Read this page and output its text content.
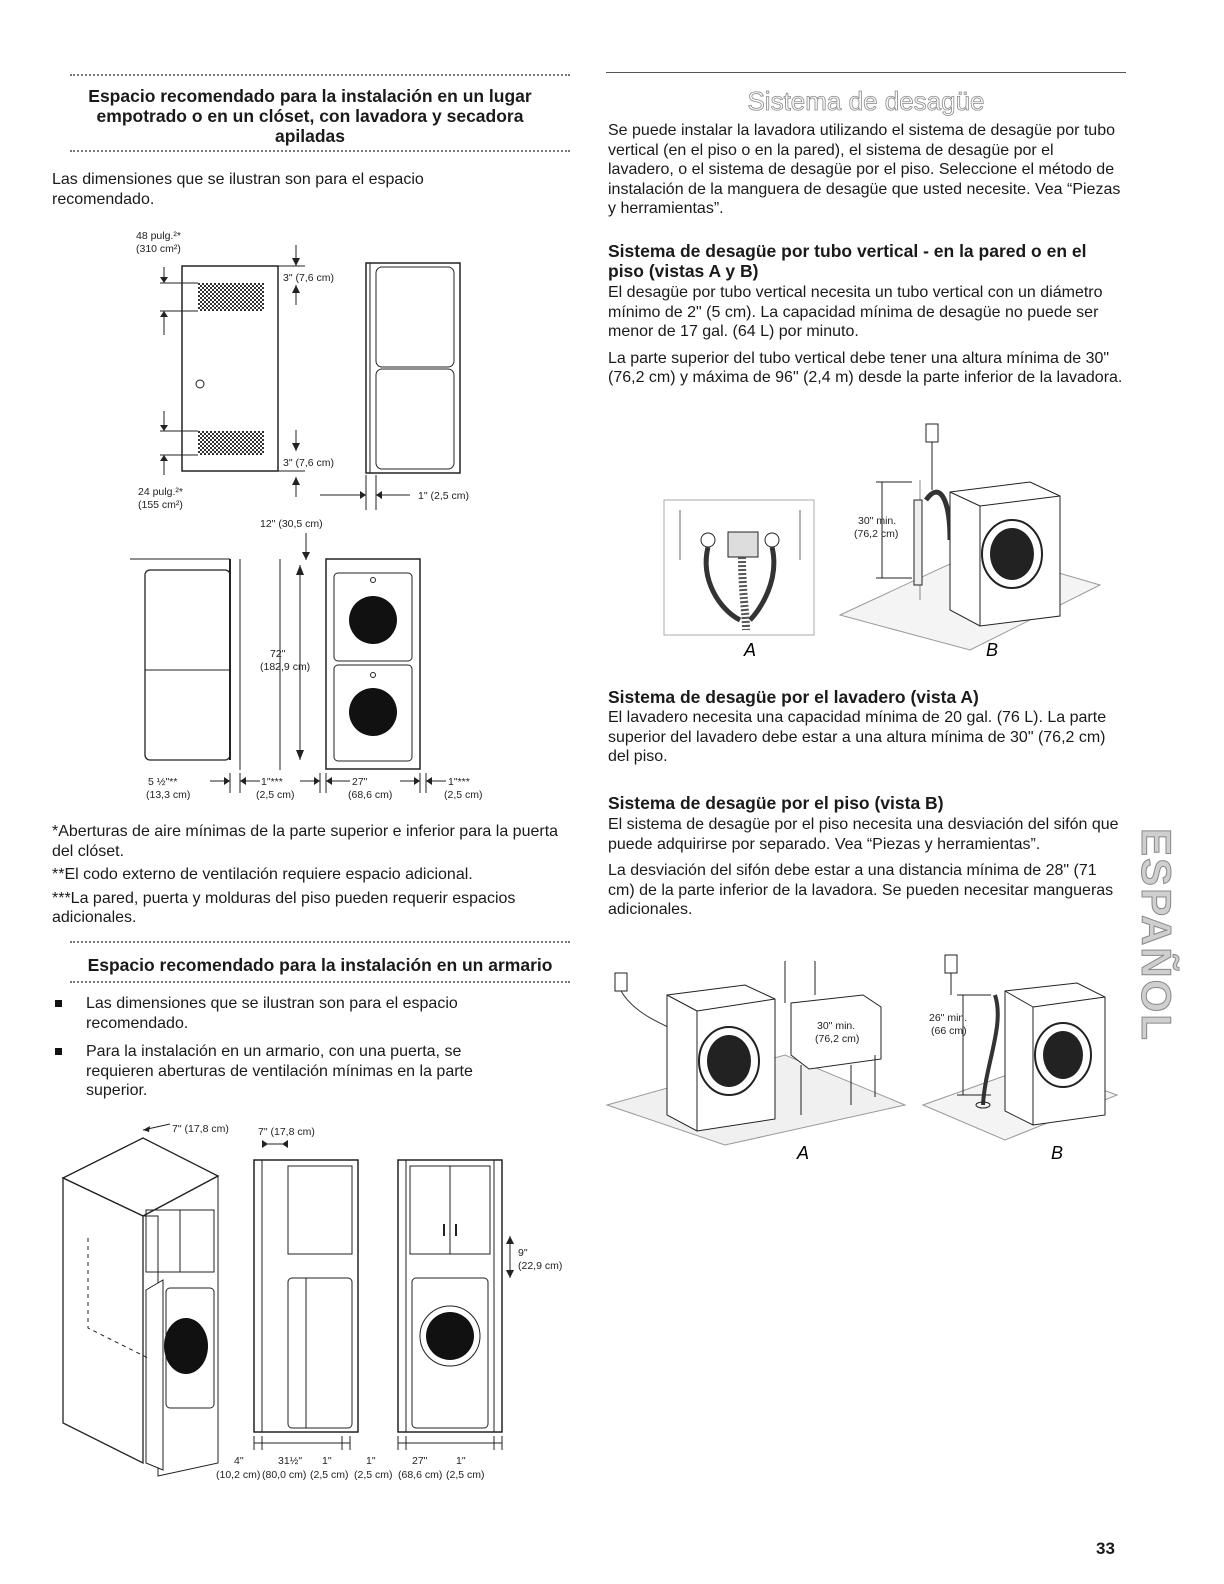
Espacio recomendado para la instalación en un lugar empotrado o en un clóset, con lavadora y secadora apiladas

Las dimensiones que se ilustran son para el espacio recomendado.

48 pulg.²*
(310 cm²)
24 pulg.²*
(155 cm²)
3" (7,6 cm)
3" (7,6 cm)
1" (2,5 cm)
12" (30,5 cm)
72"
(182,9 cm)
5 ½"**
(13,3 cm)
1"***
(2,5 cm)
27"
(68,6 cm)
1"***
(2,5 cm)

*Aberturas de aire mínimas de la parte superior e inferior para la puerta del clóset.

**El codo externo de ventilación requiere espacio adicional.

***La pared, puerta y molduras del piso pueden requerir espacios adicionales.

Espacio recomendado para la instalación en un armario
Las dimensiones que se ilustran son para el espacio recomendado.
Para la instalación en un armario, con una puerta, se requieren aberturas de ventilación mínimas en la parte superior.
7" (17,8 cm)	7" (17,8 cm)
9"
(22,9 cm)
4"
(10,2 cm)
31½"
(80,0 cm)
1"
(2,5 cm)
1"
(2,5 cm)
27"
(68,6 cm)
1"
(2,5 cm)
Sistema de desagüe

Se puede instalar la lavadora utilizando el sistema de desagüe por tubo vertical (en el piso o en la pared), el sistema de desagüe por el lavadero, o el sistema de desagüe por el piso. Seleccione el método de instalación de la manguera de desagüe que usted necesite. Vea “Piezas y herramientas”.

Sistema de desagüe por tubo vertical - en la pared o en el piso (vistas A y B)

El desagüe por tubo vertical necesita un tubo vertical con un diámetro mínimo de 2" (5 cm). La capacidad mínima de desagüe no puede ser menor de 17 gal. (64 L) por minuto.

La parte superior del tubo vertical debe tener una altura mínima de 30" (76,2 cm) y máxima de 96" (2,4 m) desde la parte inferior de la lavadora.

A
30" min.
(76,2 cm)
B
Sistema de desagüe por el lavadero (vista A)

El lavadero necesita una capacidad mínima de 20 gal. (76 L). La parte superior del lavadero debe estar a una altura mínima de 30" (76,2 cm) del piso.

Sistema de desagüe por el piso (vista B)

El sistema de desagüe por el piso necesita una desviación del sifón que puede adquirirse por separado. Vea “Piezas y herramientas”.

La desviación del sifón debe estar a una distancia mínima de 28" (71 cm) de la parte inferior de la lavadora. Se pueden necesitar mangueras adicionales.

30" min.
(76,2 cm)
A
26" min.
(66 cm)
B
ESPAÑOL
33
